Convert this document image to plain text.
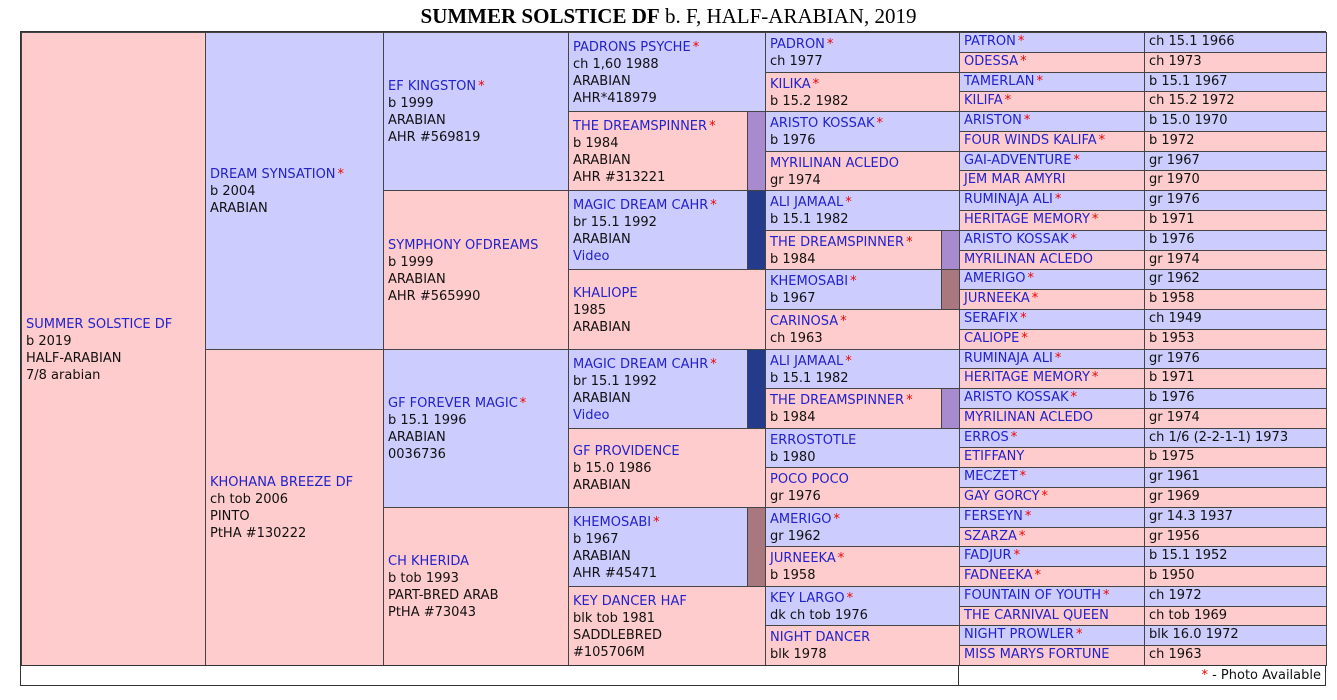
SUMMER SOLSTICE DF b. F, HALF-ARABIAN, 2019
SUMMER SOLSTICE DF
b 2019
HALF-ARABIAN
7/8 arabian
DREAM SYNSATION *
b 2004
ARABIAN
KHOHANA BREEZE DF
ch tob 2006
PINTO
PtHA #130222
EF KINGSTON *
b 1999
ARABIAN
AHR #569819
SYMPHONY OFDREAMS
b 1999
ARABIAN
AHR #565990
GF FOREVER MAGIC *
b 15.1 1996
ARABIAN
0036736
CH KHERIDA
b tob 1993
PART-BRED ARAB
PtHA #73043
PADRONS PSYCHE *
ch 1,60 1988
ARABIAN
AHR*418979
THE DREAMSPINNER *
b 1984
ARABIAN
AHR #313221
MAGIC DREAM CAHR *
br 15.1 1992
ARABIAN
Video
KHALIOPE
1985
ARABIAN
MAGIC DREAM CAHR *
br 15.1 1992
ARABIAN
Video
GF PROVIDENCE
b 15.0 1986
ARABIAN
KHEMOSABI *
b 1967
ARABIAN
AHR #45471
KEY DANCER HAF
blk tob 1981
SADDLEBRED
#105706M
PADRON *
ch 1977
KILIKA *
b 15.2 1982
ARISTO KOSSAK *
b 1976
MYRILINAN ACLEDO
gr 1974
ALI JAMAAL *
b 15.1 1982
THE DREAMSPINNER *
b 1984
KHEMOSABI *
b 1967
CARINOSA *
ch 1963
ALI JAMAAL *
b 15.1 1982
THE DREAMSPINNER *
b 1984
ERROSTOTLE
b 1980
POCO POCO
gr 1976
AMERIGO *
gr 1962
JURNEEKA *
b 1958
KEY LARGO *
dk ch tob 1976
NIGHT DANCER
blk 1978
PATRON *	ch 15.1 1966
ODESSA *	ch 1973
TAMERLAN *	b 15.1 1967
KILIFA *	ch 15.2 1972
ARISTON *	b 15.0 1970
FOUR WINDS KALIFA *	b 1972
GAI-ADVENTURE *	gr 1967
JEM MAR AMYRI	gr 1970
RUMINAJA ALI *	gr 1976
HERITAGE MEMORY *	b 1971
ARISTO KOSSAK *	b 1976
MYRILINAN ACLEDO	gr 1974
AMERIGO *	gr 1962
JURNEEKA *	b 1958
SERAFIX *	ch 1949
CALIOPE *	b 1953
RUMINAJA ALI *	gr 1976
HERITAGE MEMORY *	b 1971
ARISTO KOSSAK *	b 1976
MYRILINAN ACLEDO	gr 1974
ERROS *	ch 1/6 (2-2-1-1) 1973
ETIFFANY	b 1975
MECZET *	gr 1961
GAY GORCY *	gr 1969
FERSEYN *	gr 14.3 1937
SZARZA *	gr 1956
FADJUR *	b 15.1 1952
FADNEEKA *	b 1950
FOUNTAIN OF YOUTH *	ch 1972
THE CARNIVAL QUEEN	ch tob 1969
NIGHT PROWLER *	blk 16.0 1972
MISS MARYS FORTUNE	ch 1963
* - Photo Available
